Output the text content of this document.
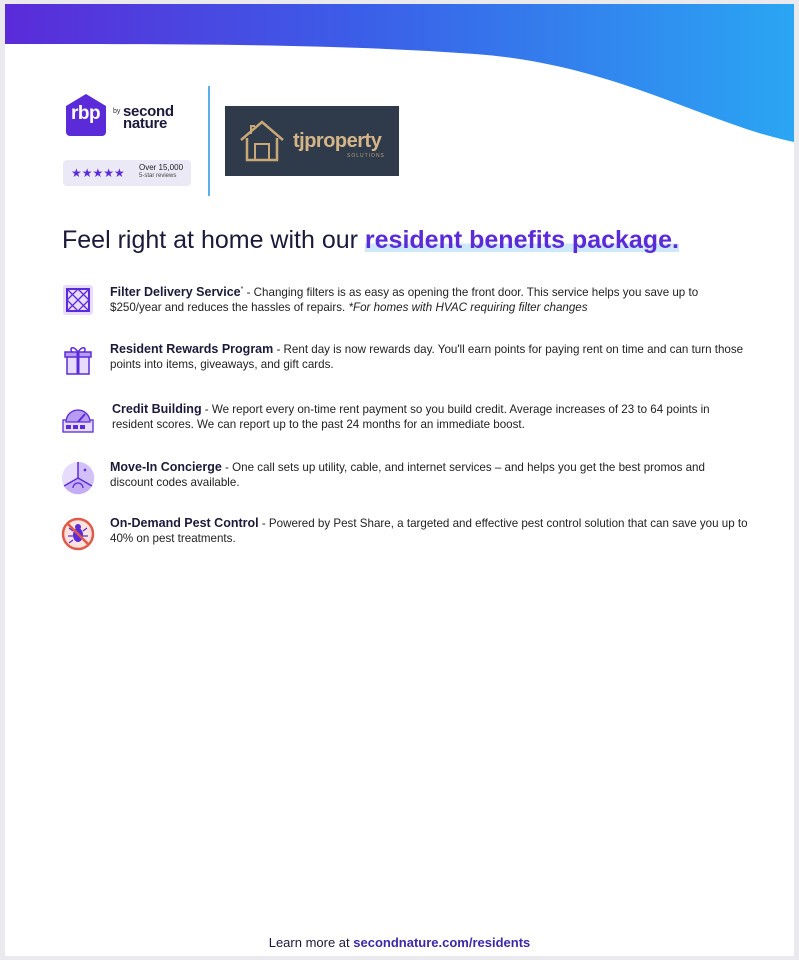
rbp by second
nature
★★★★★ Over 15,000
5-star reviews
tjproperty
SOLUTIONS
Feel right at home with our resident benefits package.
Filter Delivery Service* - Changing filters is as easy as opening the front door. This service helps you save up to $250/year and reduces the hassles of repairs. *For homes with HVAC requiring filter changes
Resident Rewards Program - Rent day is now rewards day. You'll earn points for paying rent on time and can turn those points into items, giveaways, and gift cards.
Credit Building - We report every on-time rent payment so you build credit. Average increases of 23 to 64 points in resident scores. We can report up to the past 24 months for an immediate boost.
Move-In Concierge - One call sets up utility, cable, and internet services – and helps you get the best promos and discount codes available.
On-Demand Pest Control - Powered by Pest Share, a targeted and effective pest control solution that can save you up to 40% on pest treatments.
Learn more at secondnature.com/residents
